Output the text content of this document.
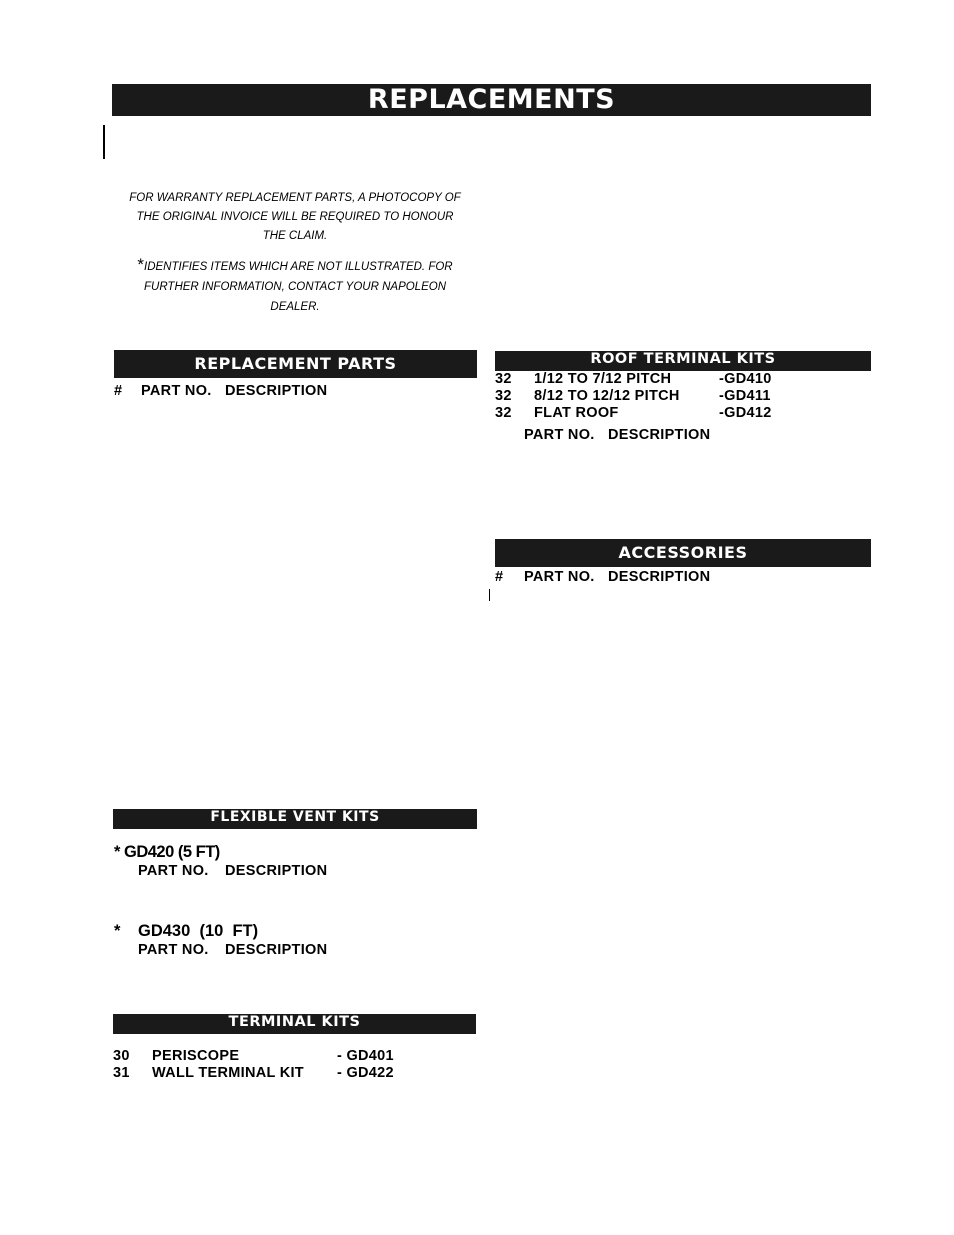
REPLACEMENTS
FOR WARRANTY REPLACEMENT PARTS, A PHOTOCOPY OF
THE ORIGINAL INVOICE WILL BE REQUIRED TO HONOUR
THE CLAIM.
*IDENTIFIES ITEMS WHICH ARE NOT ILLUSTRATED. FOR
FURTHER INFORMATION, CONTACT YOUR NAPOLEON
DEALER.
REPLACEMENT PARTS
# PART NO. DESCRIPTION
ROOF TERMINAL KITS
32 1/12 TO 7/12 PITCH	-GD410
32 8/12 TO 12/12 PITCH	-GD411
32 FLAT ROOF	-GD412
PART NO. DESCRIPTION
ACCESSORIES
# PART NO. DESCRIPTION
FLEXIBLE VENT KITS
* GD420 (5 FT)
PART NO. DESCRIPTION
* GD430  (10  FT)
PART NO. DESCRIPTION
TERMINAL KITS
30 PERISCOPE	- GD401
31 WALL TERMINAL KIT - GD422
